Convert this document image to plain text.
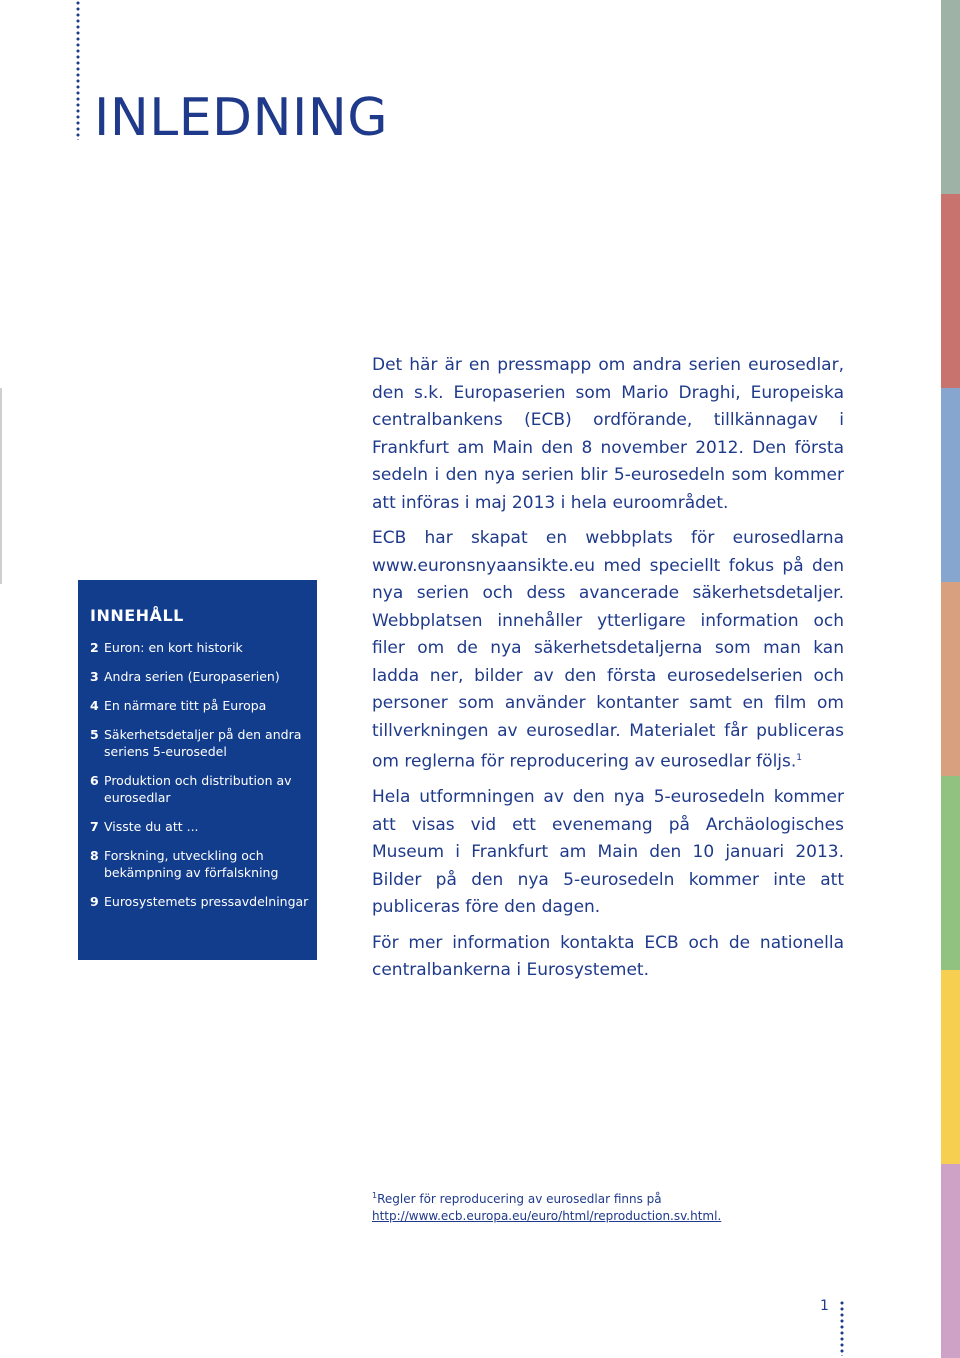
INLEDNING
INNEHÅLL
2 Euron: en kort historik
3 Andra serien (Europaserien)
4 En närmare titt på Europa
5 Säkerhetsdetaljer på den andra seriens 5-eurosedel
6 Produktion och distribution av eurosedlar
7 Visste du att ...
8 Forskning, utveckling och bekämpning av förfalskning
9 Eurosystemets pressavdelningar

Det här är en pressmapp om andra serien eurosedlar, den s.k. Europaserien som Mario Draghi, Europeiska centralbankens (ECB) ordförande, tillkännagav i Frankfurt am Main den 8 november 2012. Den första sedeln i den nya serien blir 5-eurosedeln som kommer att införas i maj 2013 i hela euroområdet.

ECB har skapat en webbplats för eurosedlarna www.euronsnyaansikte.eu med speciellt fokus på den nya serien och dess avancerade säkerhetsdetaljer. Webbplatsen innehåller ytterligare information och filer om de nya säkerhetsdetaljerna som man kan ladda ner, bilder av den första eurosedelserien och personer som använder kontanter samt en film om tillverkningen av eurosedlar. Materialet får publiceras om reglerna för reproducering av eurosedlar följs.$^1$

Hela utformningen av den nya 5-eurosedeln kommer att visas vid ett evenemang på Archäologisches Museum i Frankfurt am Main den 10 januari 2013. Bilder på den nya 5-eurosedeln kommer inte att publiceras före den dagen.

För mer information kontakta ECB och de nationella centralbankerna i Eurosystemet.

$^1$Regler för reproducering av eurosedlar finns på
http://www.ecb.europa.eu/euro/html/reproduction.sv.html.
1
